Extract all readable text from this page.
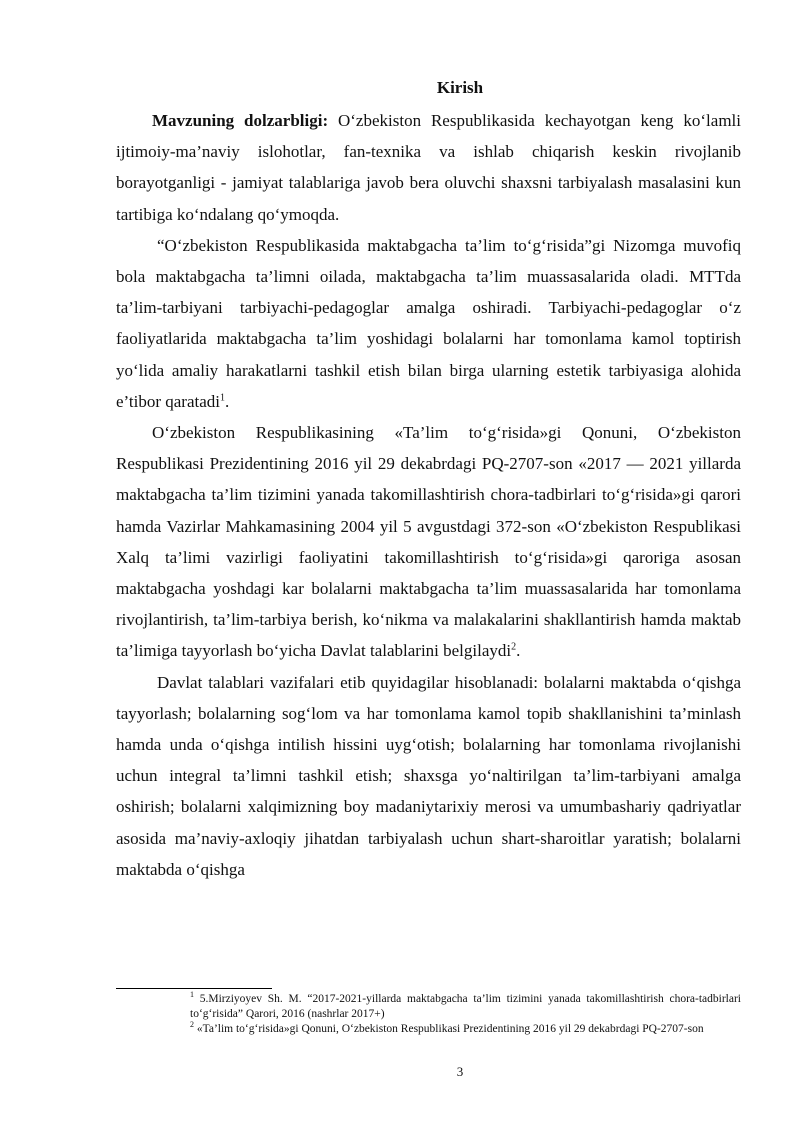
Kirish

Mavzuning dolzarbligi: O‘zbekiston Respublikasida kechayotgan keng ko‘lamli ijtimoiy-ma’naviy islohotlar, fan-texnika va ishlab chiqarish keskin rivojlanib borayotganligi - jamiyat talablariga javob bera oluvchi shaxsni tarbiyalash masalasini kun tartibiga ko‘ndalang qo‘ymoqda.

“O‘zbekiston Respublikasida maktabgacha ta’lim to‘g‘risida”gi Nizomga muvofiq bola maktabgacha ta’limni oilada, maktabgacha ta’lim muassasalarida oladi. MTTda ta’lim-tarbiyani tarbiyachi-pedagoglar amalga oshiradi. Tarbiyachi-pedagoglar o‘z faoliyatlarida maktabgacha ta’lim yoshidagi bolalarni har tomonlama kamol toptirish yo‘lida amaliy harakatlarni tashkil etish bilan birga ularning estetik tarbiyasiga alohida e’tibor qaratadi$^1$.

O‘zbekiston Respublikasining «Ta’lim to‘g‘risida»gi Qonuni, O‘zbekiston Respublikasi Prezidentining 2016 yil 29 dekabrdagi PQ-2707-son «2017 — 2021 yillarda maktabgacha ta’lim tizimini yanada takomillashtirish chora-tadbirlari to‘g‘risida»gi qarori hamda Vazirlar Mahkamasining 2004 yil 5 avgustdagi 372-son «O‘zbekiston Respublikasi Xalq ta’limi vazirligi faoliyatini takomillashtirish to‘g‘risida»gi qaroriga asosan maktabgacha yoshdagi kar bolalarni maktabgacha ta’lim muassasalarida har tomonlama rivojlantirish, ta’lim-tarbiya berish, ko‘nikma va malakalarini shakllantirish hamda maktab ta’limiga tayyorlash bo‘yicha Davlat talablarini belgilaydi$^2$.

Davlat talablari vazifalari etib quyidagilar hisoblanadi: bolalarni maktabda o‘qishga tayyorlash; bolalarning sog‘lom va har tomonlama kamol topib shakllanishini ta’minlash hamda unda o‘qishga intilish hissini uyg‘otish; bolalarning har tomonlama rivojlanishi uchun integral ta’limni tashkil etish; shaxsga yo‘naltirilgan ta’lim-tarbiyani amalga oshirish; bolalarni xalqimizning boy madaniytarixiy merosi va umumbashariy qadriyatlar asosida ma’naviy-axloqiy jihatdan tarbiyalash uchun shart-sharoitlar yaratish; bolalarni maktabda o‘qishga

$^1$ 5.Mirziyoyev Sh. M. “2017-2021-yillarda maktabgacha ta’lim tizimini yanada takomillashtirish chora-tadbirlari to‘g‘risida” Qarori, 2016 (nashrlar 2017+)

$^2$ «Ta’lim to‘g‘risida»gi Qonuni, O‘zbekiston Respublikasi Prezidentining 2016 yil 29 dekabrdagi PQ-2707-son

3
